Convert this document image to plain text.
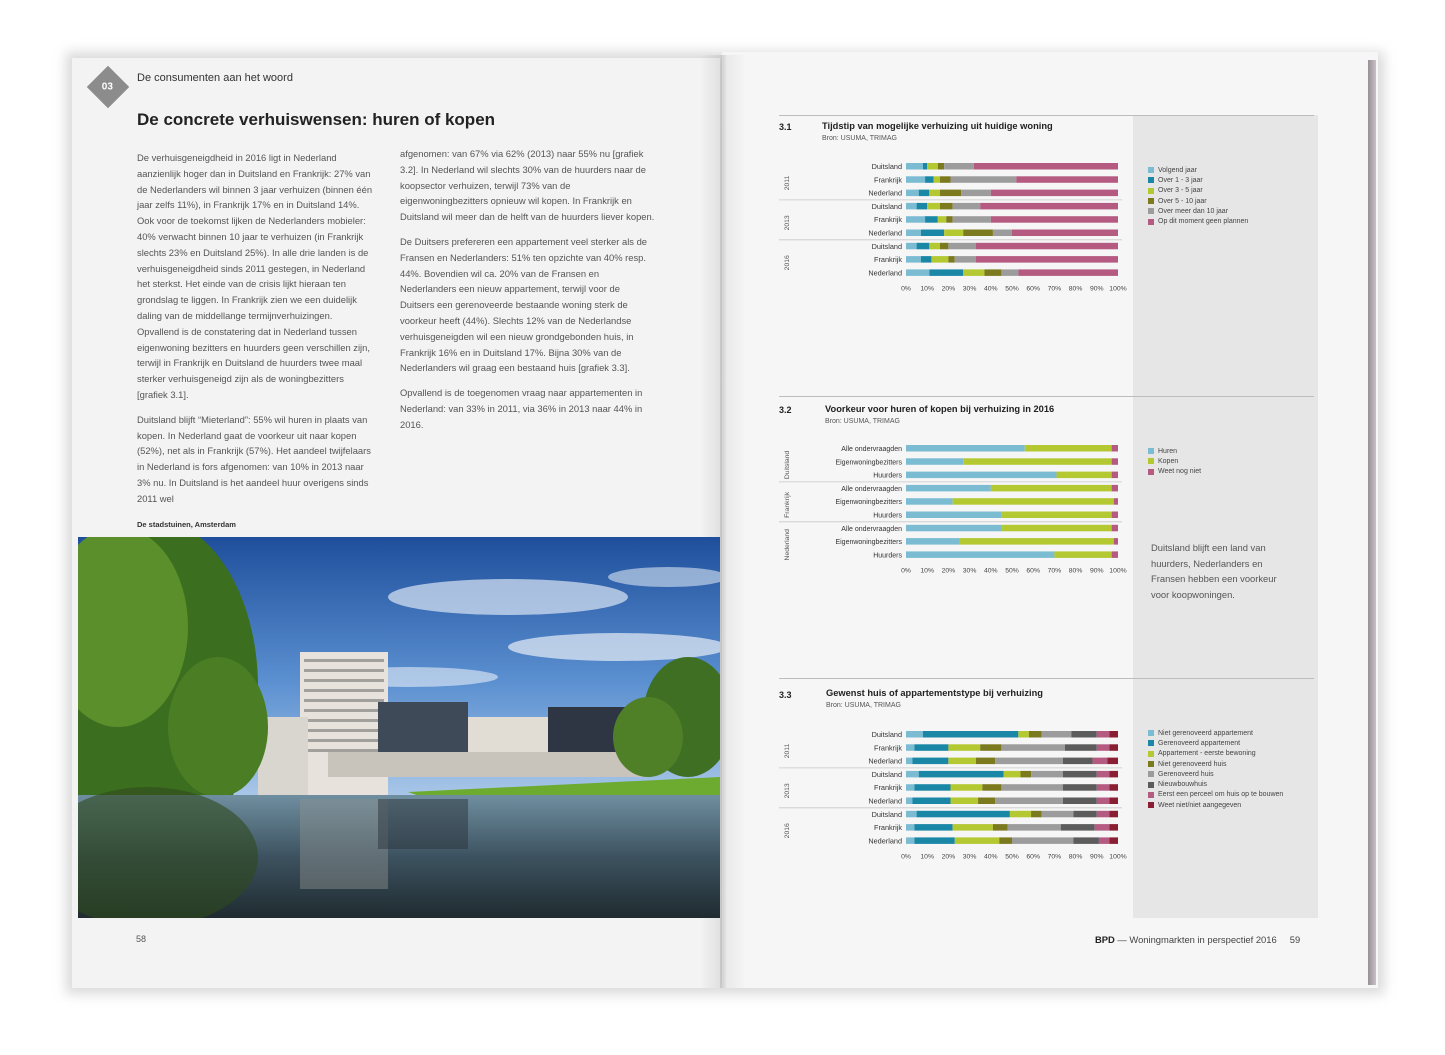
03
De consumenten aan het woord
De concrete verhuiswensen: huren of kopen

De verhuisgeneigdheid in 2016 ligt in Nederland aanzienlijk hoger dan in Duitsland en Frankrijk: 27% van de Nederlanders wil binnen 3 jaar verhuizen (binnen één jaar zelfs 11%), in Frankrijk 17% en in Duitsland 14%. Ook voor de toekomst lijken de Nederlanders mobieler: 40% verwacht binnen 10 jaar te verhuizen (in Frankrijk slechts 23% en Duitsland 25%). In alle drie landen is de verhuisgeneigdheid sinds 2011 gestegen, in Nederland het sterkst. Het einde van de crisis lijkt hieraan ten grondslag te liggen. In Frankrijk zien we een duidelijk daling van de middellange termijnverhuizingen. Opvallend is de constatering dat in Nederland tussen eigenwoning bezitters en huurders geen verschillen zijn, terwijl in Frankrijk en Duitsland de huurders twee maal sterker verhuisgeneigd zijn als de woningbezitters [grafiek 3.1].

Duitsland blijft “Mieterland”: 55% wil huren in plaats van kopen. In Nederland gaat de voorkeur uit naar kopen (52%), net als in Frankrijk (57%). Het aandeel twijfelaars in Nederland is fors afgenomen: van 10% in 2013 naar 3% nu. In Duitsland is het aandeel huur overigens sinds 2011 wel

afgenomen: van 67% via 62% (2013) naar 55% nu [grafiek 3.2]. In Nederland wil slechts 30% van de huurders naar de koopsector verhuizen, terwijl 73% van de eigenwoningbezitters opnieuw wil kopen. In Frankrijk en Duitsland wil meer dan de helft van de huurders liever kopen.

De Duitsers prefereren een appartement veel sterker als de Fransen en Nederlanders: 51% ten opzichte van 40% resp. 44%. Bovendien wil ca. 20% van de Fransen en Nederlanders een nieuw appartement, terwijl voor de Duitsers een gerenoveerde bestaande woning sterk de voorkeur heeft (44%). Slechts 12% van de Nederlandse verhuisgeneigden wil een nieuw grondgebonden huis, in Frankrijk 16% en in Duitsland 17%. Bijna 30% van de Nederlanders wil graag een bestaand huis [grafiek 3.3].

Opvallend is de toegenomen vraag naar appartementen in Nederland: van 33% in 2011, via 36% in 2013 naar 44% in 2016.

De stadstuinen, Amsterdam
58
3.1	Tijdstip van mogelijke verhuizing uit huidige woning
Bron: USUMA, TRIMAG
2011
Duitsland
Frankrijk
Nederland
2013
Duitsland
Frankrijk
Nederland
2016
Duitsland
Frankrijk
Nederland
0% 10% 20% 30% 40% 50% 60% 70% 80% 90% 100%
Volgend jaar
Over 1 - 3 jaar
Over 3 - 5 jaar
Over 5 - 10 jaar
Over meer dan 10 jaar
Op dit moment geen plannen
3.2	Voorkeur voor huren of kopen bij verhuizing in 2016
Bron: USUMA, TRIMAG
Duitsland
Alle ondervraagden
Eigenwoningbezitters
Huurders
Frankrijk
Alle ondervraagden
Eigenwoningbezitters
Huurders
Nederland	Alle ondervraagden
Eigenwoningbezitters
Huurders
0% 10% 20% 30% 40% 50% 60% 70% 80% 90% 100%
Huren
Kopen
Weet nog niet
Duitsland blijft een land van huurders, Nederlanders en Fransen hebben een voorkeur voor koopwoningen.
3.3	Gewenst huis of appartementstype bij verhuizing
Bron: USUMA, TRIMAG
2011
Duitsland
Frankrijk
Nederland
2013
Duitsland
Frankrijk
Nederland
2016
Duitsland
Frankrijk
Nederland
0% 10% 20% 30% 40% 50% 60% 70% 80% 90% 100%
Niet gerenoveerd appartement
Gerenoveerd appartement
Appartement - eerste bewoning
Niet gerenoveerd huis
Gerenoveerd huis
Nieuwbouwhuis
Eerst een perceel om huis op te bouwen
Weet niet/niet aangegeven
BPD — Woningmarkten in perspectief 2016 59
